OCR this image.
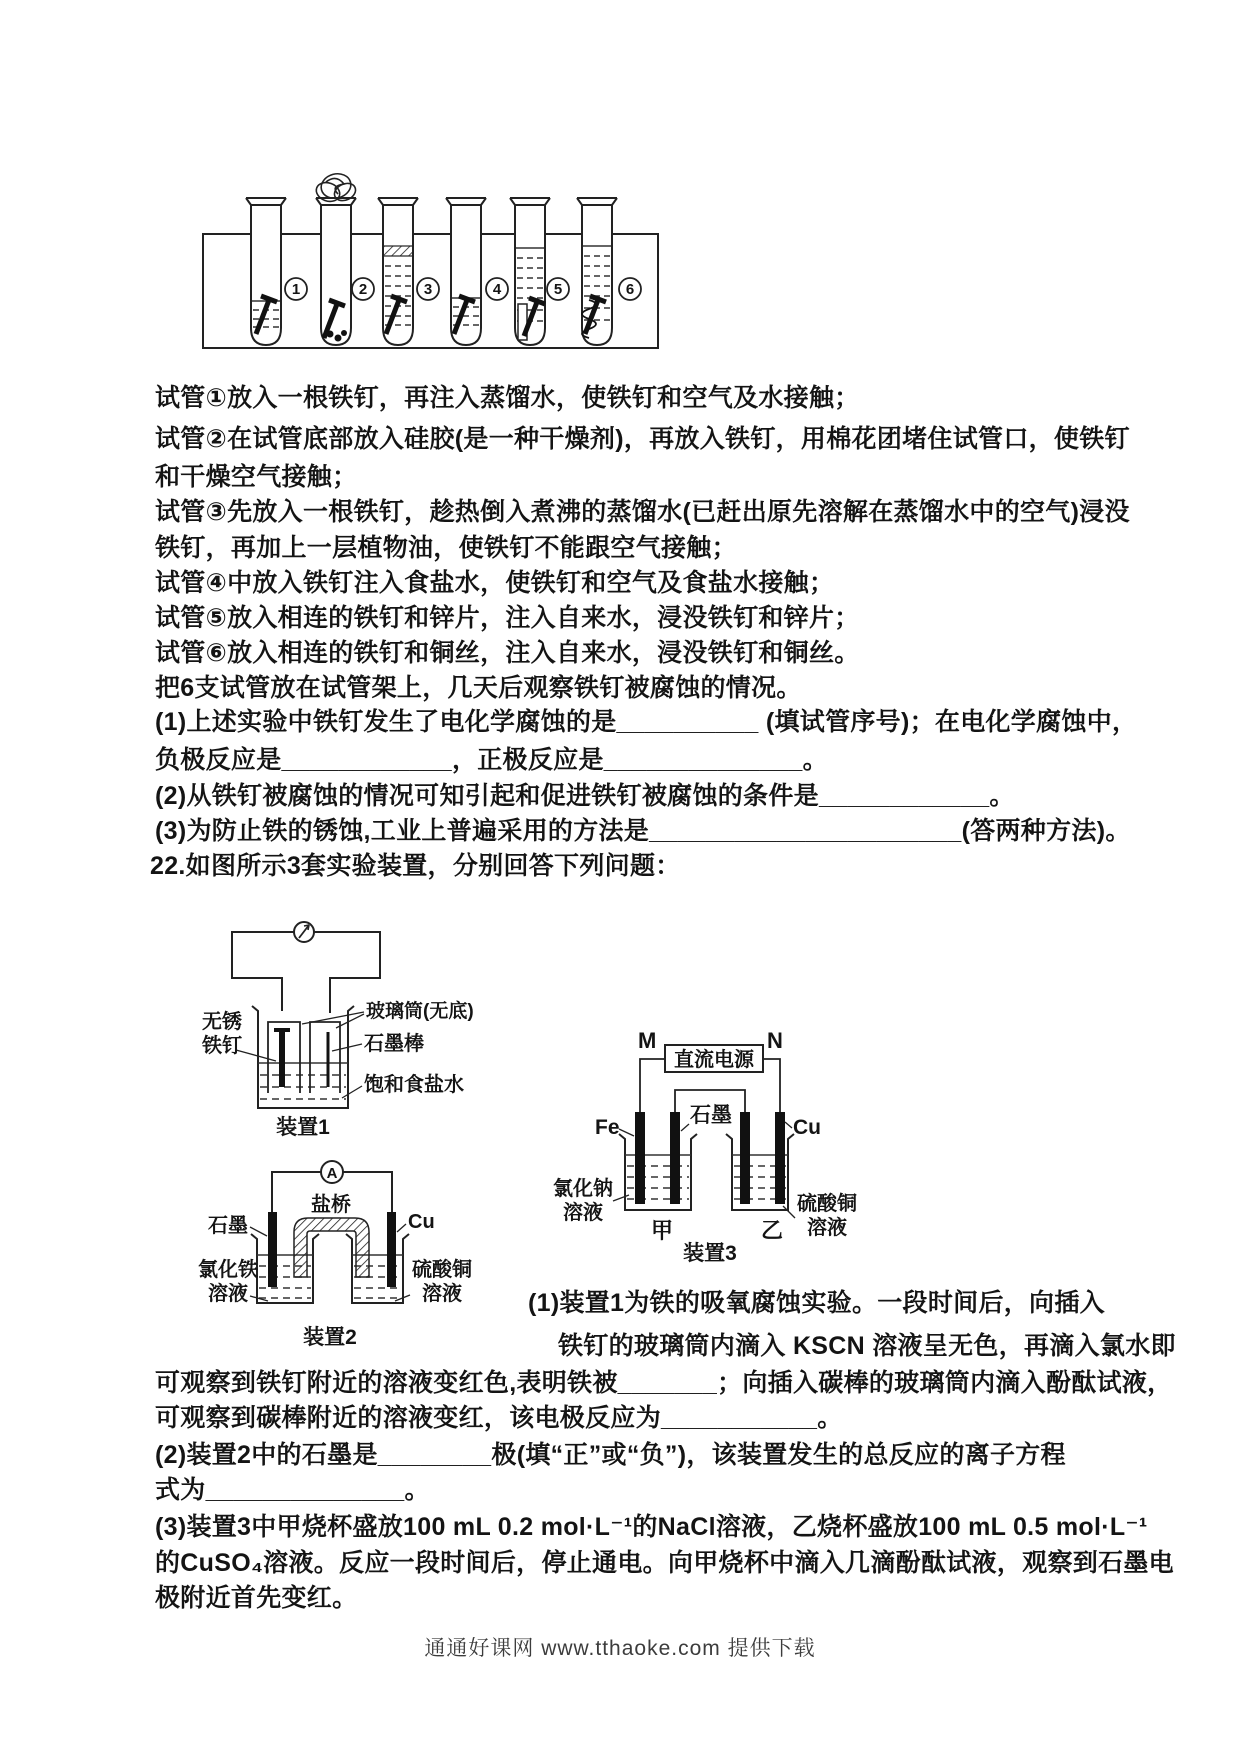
1	2	3	4	5	6
试管①放入一根铁钉，再注入蒸馏水，使铁钉和空气及水接触；
试管②在试管底部放入硅胶(是一种干燥剂)，再放入铁钉，用棉花团堵住试管口，使铁钉
和干燥空气接触；
试管③先放入一根铁钉，趁热倒入煮沸的蒸馏水(已赶出原先溶解在蒸馏水中的空气)浸没
铁钉，再加上一层植物油，使铁钉不能跟空气接触；
试管④中放入铁钉注入食盐水，使铁钉和空气及食盐水接触；
试管⑤放入相连的铁钉和锌片，注入自来水，浸没铁钉和锌片；
试管⑥放入相连的铁钉和铜丝，注入自来水，浸没铁钉和铜丝。
把6支试管放在试管架上，几天后观察铁钉被腐蚀的情况。
(1)上述实验中铁钉发生了电化学腐蚀的是__________ (填试管序号)；在电化学腐蚀中，
负极反应是____________，正极反应是______________。
(2)从铁钉被腐蚀的情况可知引起和促进铁钉被腐蚀的条件是____________。
(3)为防止铁的锈蚀,工业上普遍采用的方法是______________________(答两种方法)。
22.如图所示3套实验装置，分别回答下列问题：
玻璃筒(无底)
无锈
铁钉	石墨棒
饱和食盐水
装置1
A
盐桥
石墨	Cu
氯化铁
溶液
硫酸铜
溶液
装置2
直流电源
M	N
Fe
石墨
Cu
氯化钠
溶液	硫酸铜
溶液
甲	乙
装置3
(1)装置1为铁的吸氧腐蚀实验。一段时间后，向插入
铁钉的玻璃筒内滴入 KSCN 溶液呈无色，再滴入氯水即
可观察到铁钉附近的溶液变红色,表明铁被_______；向插入碳棒的玻璃筒内滴入酚酞试液，
可观察到碳棒附近的溶液变红，该电极反应为___________。
(2)装置2中的石墨是________极(填“正”或“负”)，该装置发生的总反应的离子方程
式为______________。
(3)装置3中甲烧杯盛放100 mL 0.2 mol·L⁻¹的NaCl溶液，乙烧杯盛放100 mL 0.5 mol·L⁻¹
的CuSO₄溶液。反应一段时间后，停止通电。向甲烧杯中滴入几滴酚酞试液，观察到石墨电
极附近首先变红。
通通好课网 www.tthaoke.com 提供下载
